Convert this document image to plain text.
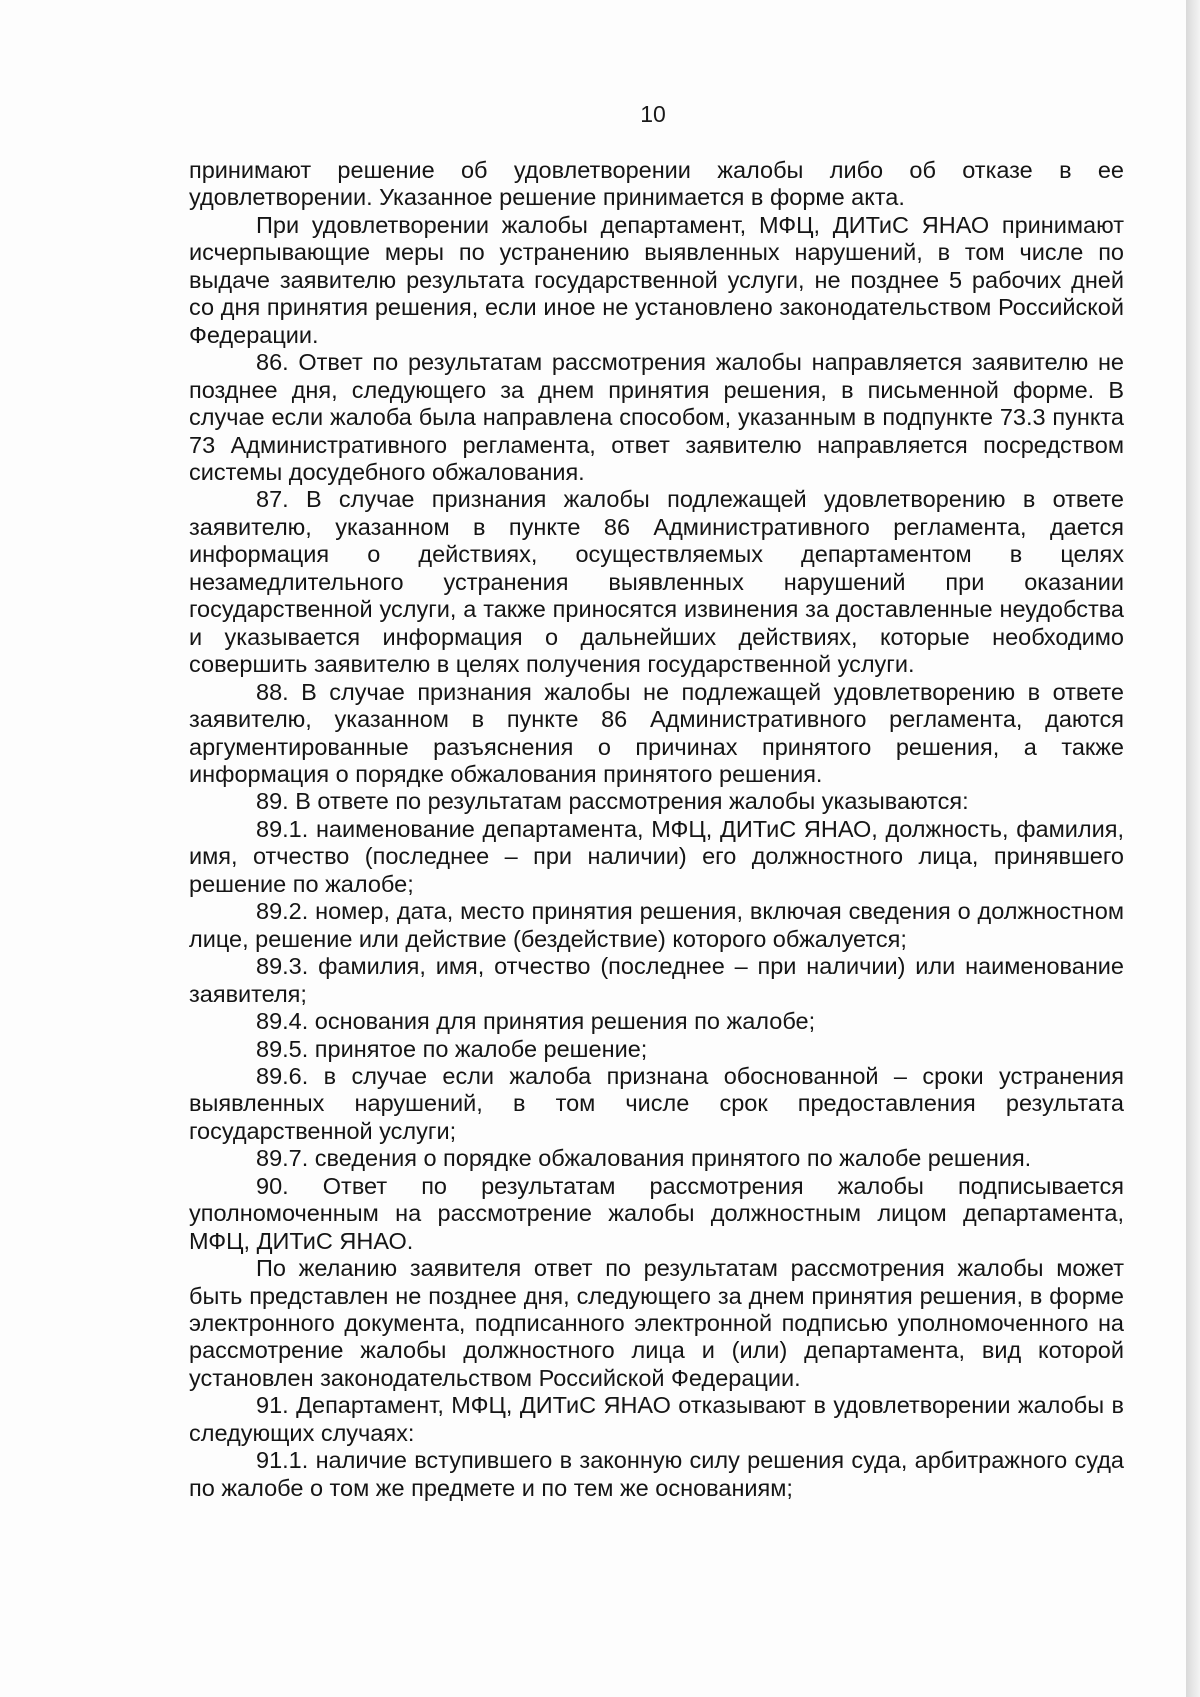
10

принимают решение об удовлетворении жалобы либо об отказе в ее удовлетворении. Указанное решение принимается в форме акта.

При удовлетворении жалобы департамент, МФЦ, ДИТиС ЯНАО принимают исчерпывающие меры по устранению выявленных нарушений, в том числе по выдаче заявителю результата государственной услуги, не позднее 5 рабочих дней со дня принятия решения, если иное не установлено законодательством Российской Федерации.

86. Ответ по результатам рассмотрения жалобы направляется заявителю не позднее дня, следующего за днем принятия решения, в письменной форме. В случае если жалоба была направлена способом, указанным в подпункте 73.3 пункта 73 Административного регламента, ответ заявителю направляется посредством системы досудебного обжалования.

87. В случае признания жалобы подлежащей удовлетворению в ответе заявителю, указанном в пункте 86 Административного регламента, дается информация о действиях, осуществляемых департаментом в целях незамедлительного устранения выявленных нарушений при оказании государственной услуги, а также приносятся извинения за доставленные неудобства и указывается информация о дальнейших действиях, которые необходимо совершить заявителю в целях получения государственной услуги.

88. В случае признания жалобы не подлежащей удовлетворению в ответе заявителю, указанном в пункте 86 Административного регламента, даются аргументированные разъяснения о причинах принятого решения, а также информация о порядке обжалования принятого решения.

89. В ответе по результатам рассмотрения жалобы указываются:

89.1. наименование департамента, МФЦ, ДИТиС ЯНАО, должность, фамилия, имя, отчество (последнее – при наличии) его должностного лица, принявшего решение по жалобе;

89.2. номер, дата, место принятия решения, включая сведения о должностном лице, решение или действие (бездействие) которого обжалуется;

89.3. фамилия, имя, отчество (последнее – при наличии) или наименование заявителя;

89.4. основания для принятия решения по жалобе;

89.5. принятое по жалобе решение;

89.6. в случае если жалоба признана обоснованной – сроки устранения выявленных нарушений, в том числе срок предоставления результата государственной услуги;

89.7. сведения о порядке обжалования принятого по жалобе решения.

90. Ответ по результатам рассмотрения жалобы подписывается уполномоченным на рассмотрение жалобы должностным лицом департамента, МФЦ, ДИТиС ЯНАО.

По желанию заявителя ответ по результатам рассмотрения жалобы может быть представлен не позднее дня, следующего за днем принятия решения, в форме электронного документа, подписанного электронной подписью уполномоченного на рассмотрение жалобы должностного лица и (или) департамента, вид которой установлен законодательством Российской Федерации.

91. Департамент, МФЦ, ДИТиС ЯНАО отказывают в удовлетворении жалобы в следующих случаях:

91.1. наличие вступившего в законную силу решения суда, арбитражного суда по жалобе о том же предмете и по тем же основаниям;
